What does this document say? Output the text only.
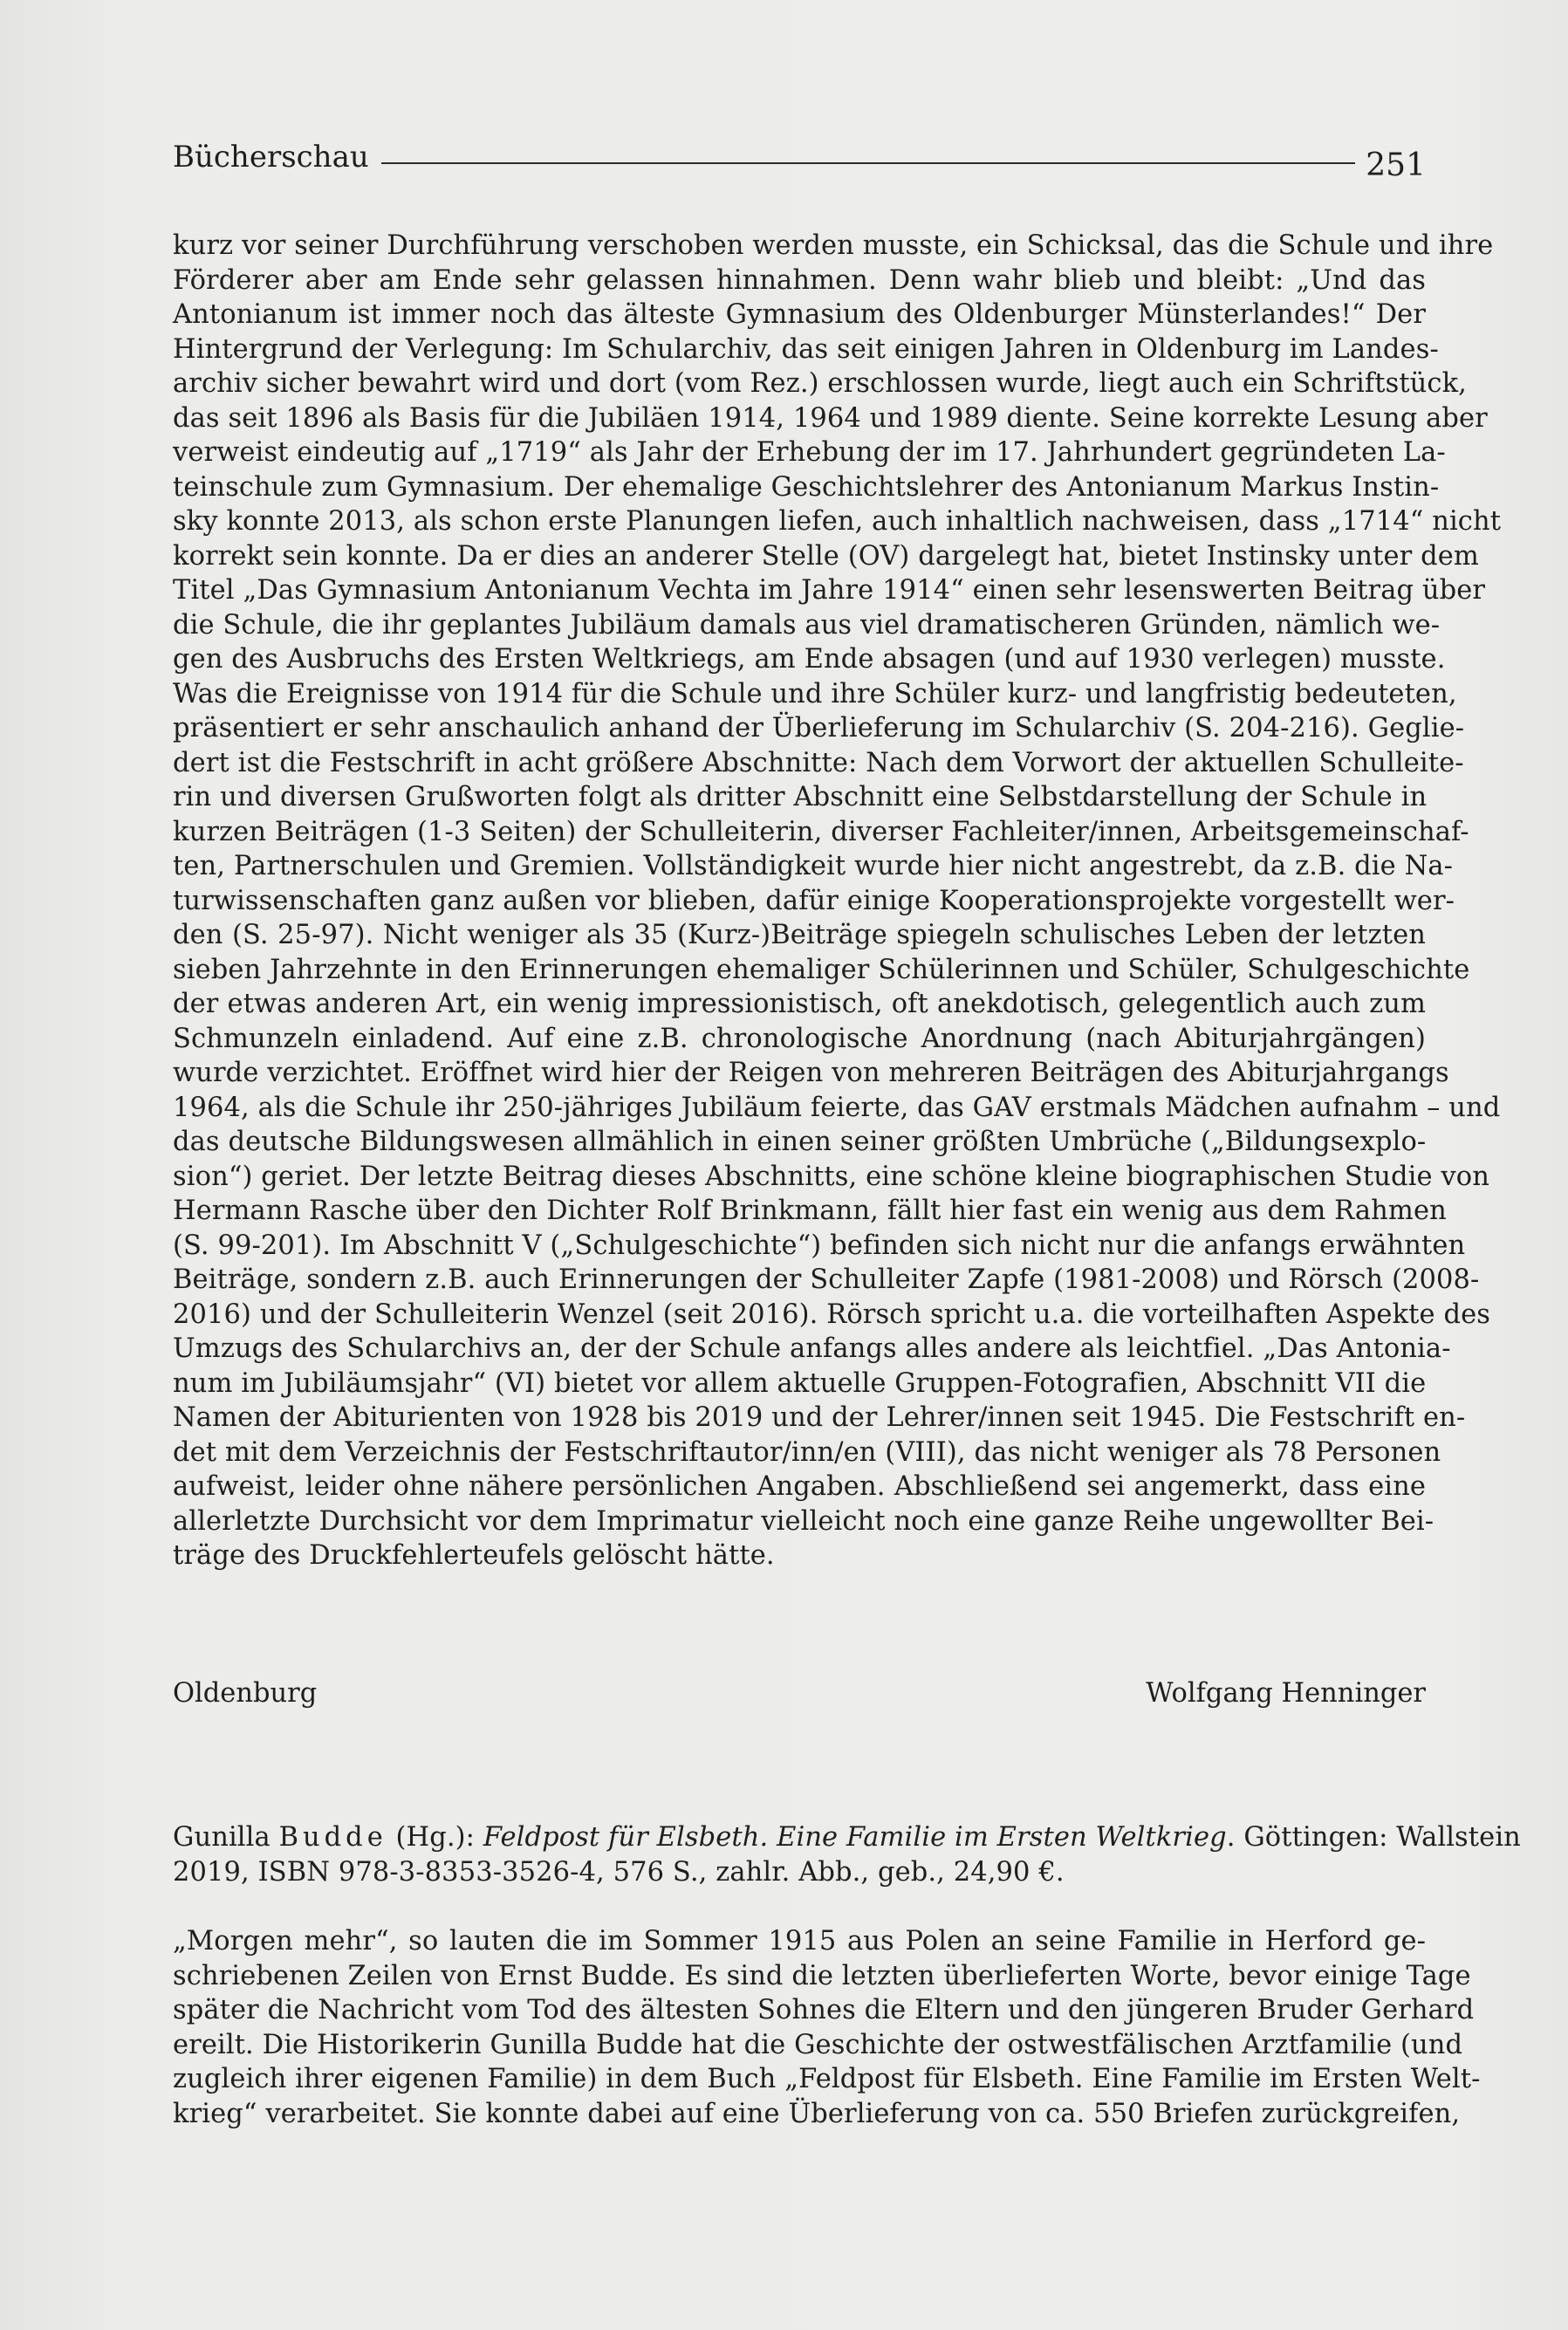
Bücherschau	251
kurz vor seiner Durchführung verschoben werden musste, ein Schicksal, das die Schule und ihre
Förderer aber am Ende sehr gelassen hinnahmen. Denn wahr blieb und bleibt: „Und das
Antonianum ist immer noch das älteste Gymnasium des Oldenburger Münsterlandes!“ Der
Hintergrund der Verlegung: Im Schularchiv, das seit einigen Jahren in Oldenburg im Landes-
archiv sicher bewahrt wird und dort (vom Rez.) erschlossen wurde, liegt auch ein Schriftstück,
das seit 1896 als Basis für die Jubiläen 1914, 1964 und 1989 diente. Seine korrekte Lesung aber
verweist eindeutig auf „1719“ als Jahr der Erhebung der im 17. Jahrhundert gegründeten La-
teinschule zum Gymnasium. Der ehemalige Geschichtslehrer des Antonianum Markus Instin-
sky konnte 2013, als schon erste Planungen liefen, auch inhaltlich nachweisen, dass „1714“ nicht
korrekt sein konnte. Da er dies an anderer Stelle (OV) dargelegt hat, bietet Instinsky unter dem
Titel „Das Gymnasium Antonianum Vechta im Jahre 1914“ einen sehr lesenswerten Beitrag über
die Schule, die ihr geplantes Jubiläum damals aus viel dramatischeren Gründen, nämlich we-
gen des Ausbruchs des Ersten Weltkriegs, am Ende absagen (und auf 1930 verlegen) musste.
Was die Ereignisse von 1914 für die Schule und ihre Schüler kurz- und langfristig bedeuteten,
präsentiert er sehr anschaulich anhand der Überlieferung im Schularchiv (S. 204-216). Geglie-
dert ist die Festschrift in acht größere Abschnitte: Nach dem Vorwort der aktuellen Schulleite-
rin und diversen Grußworten folgt als dritter Abschnitt eine Selbstdarstellung der Schule in
kurzen Beiträgen (1-3 Seiten) der Schulleiterin, diverser Fachleiter/innen, Arbeitsgemeinschaf-
ten, Partnerschulen und Gremien. Vollständigkeit wurde hier nicht angestrebt, da z.B. die Na-
turwissenschaften ganz außen vor blieben, dafür einige Kooperationsprojekte vorgestellt wer-
den (S. 25-97). Nicht weniger als 35 (Kurz-)Beiträge spiegeln schulisches Leben der letzten
sieben Jahrzehnte in den Erinnerungen ehemaliger Schülerinnen und Schüler, Schulgeschichte
der etwas anderen Art, ein wenig impressionistisch, oft anekdotisch, gelegentlich auch zum
Schmunzeln einladend. Auf eine z.B. chronologische Anordnung (nach Abiturjahrgängen)
wurde verzichtet. Eröffnet wird hier der Reigen von mehreren Beiträgen des Abiturjahrgangs
1964, als die Schule ihr 250-jähriges Jubiläum feierte, das GAV erstmals Mädchen aufnahm – und
das deutsche Bildungswesen allmählich in einen seiner größten Umbrüche („Bildungsexplo-
sion“) geriet. Der letzte Beitrag dieses Abschnitts, eine schöne kleine biographischen Studie von
Hermann Rasche über den Dichter Rolf Brinkmann, fällt hier fast ein wenig aus dem Rahmen
(S. 99-201). Im Abschnitt V („Schulgeschichte“) befinden sich nicht nur die anfangs erwähnten
Beiträge, sondern z.B. auch Erinnerungen der Schulleiter Zapfe (1981-2008) und Rörsch (2008-
2016) und der Schulleiterin Wenzel (seit 2016). Rörsch spricht u.a. die vorteilhaften Aspekte des
Umzugs des Schularchivs an, der der Schule anfangs alles andere als leichtfiel. „Das Antonia-
num im Jubiläumsjahr“ (VI) bietet vor allem aktuelle Gruppen-Fotografien, Abschnitt VII die
Namen der Abiturienten von 1928 bis 2019 und der Lehrer/innen seit 1945. Die Festschrift en-
det mit dem Verzeichnis der Festschriftautor/inn/en (VIII), das nicht weniger als 78 Personen
aufweist, leider ohne nähere persönlichen Angaben. Abschließend sei angemerkt, dass eine
allerletzte Durchsicht vor dem Imprimatur vielleicht noch eine ganze Reihe ungewollter Bei-
träge des Druckfehlerteufels gelöscht hätte.
Oldenburg	Wolfgang Henninger
Gunilla Budde (Hg.): Feldpost für Elsbeth. Eine Familie im Ersten Weltkrieg. Göttingen: Wallstein
2019, ISBN 978-3-8353-3526-4, 576 S., zahlr. Abb., geb., 24,90 €.
„Morgen mehr“, so lauten die im Sommer 1915 aus Polen an seine Familie in Herford ge-
schriebenen Zeilen von Ernst Budde. Es sind die letzten überlieferten Worte, bevor einige Tage
später die Nachricht vom Tod des ältesten Sohnes die Eltern und den jüngeren Bruder Gerhard
ereilt. Die Historikerin Gunilla Budde hat die Geschichte der ostwestfälischen Arztfamilie (und
zugleich ihrer eigenen Familie) in dem Buch „Feldpost für Elsbeth. Eine Familie im Ersten Welt-
krieg“ verarbeitet. Sie konnte dabei auf eine Überlieferung von ca. 550 Briefen zurückgreifen,
